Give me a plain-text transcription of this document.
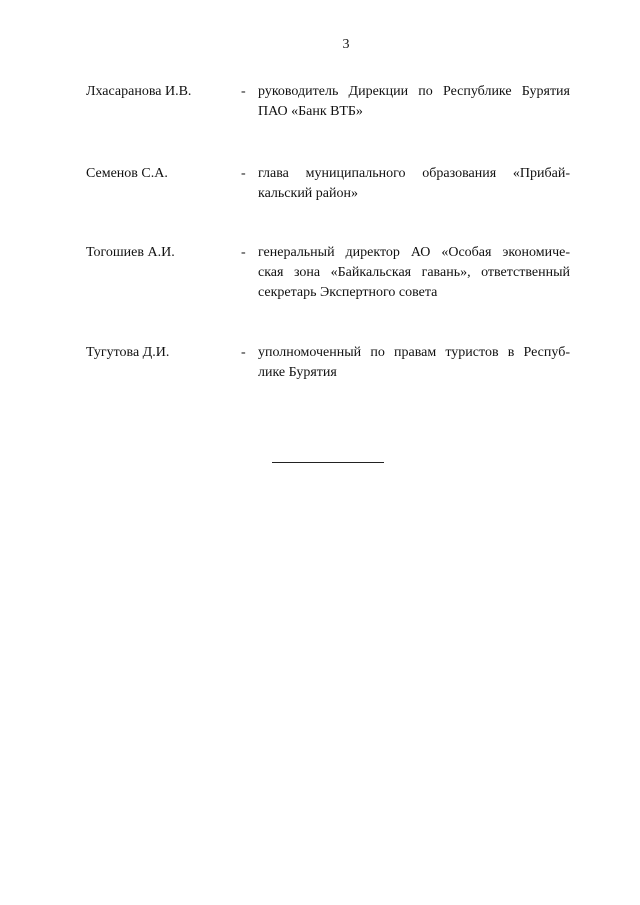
3
Лхасаранова И.В.	- руководитель Дирекции по Республике Бурятия
ПАО «Банк ВТБ»
Семенов С.А.	- глава муниципального образования «Прибай-
кальский район»
Тогошиев А.И.	- генеральный директор АО «Особая экономиче-
ская зона «Байкальская гавань», ответственный
секретарь Экспертного совета
Тугутова Д.И.	- уполномоченный по правам туристов в Респуб-
лике Бурятия
